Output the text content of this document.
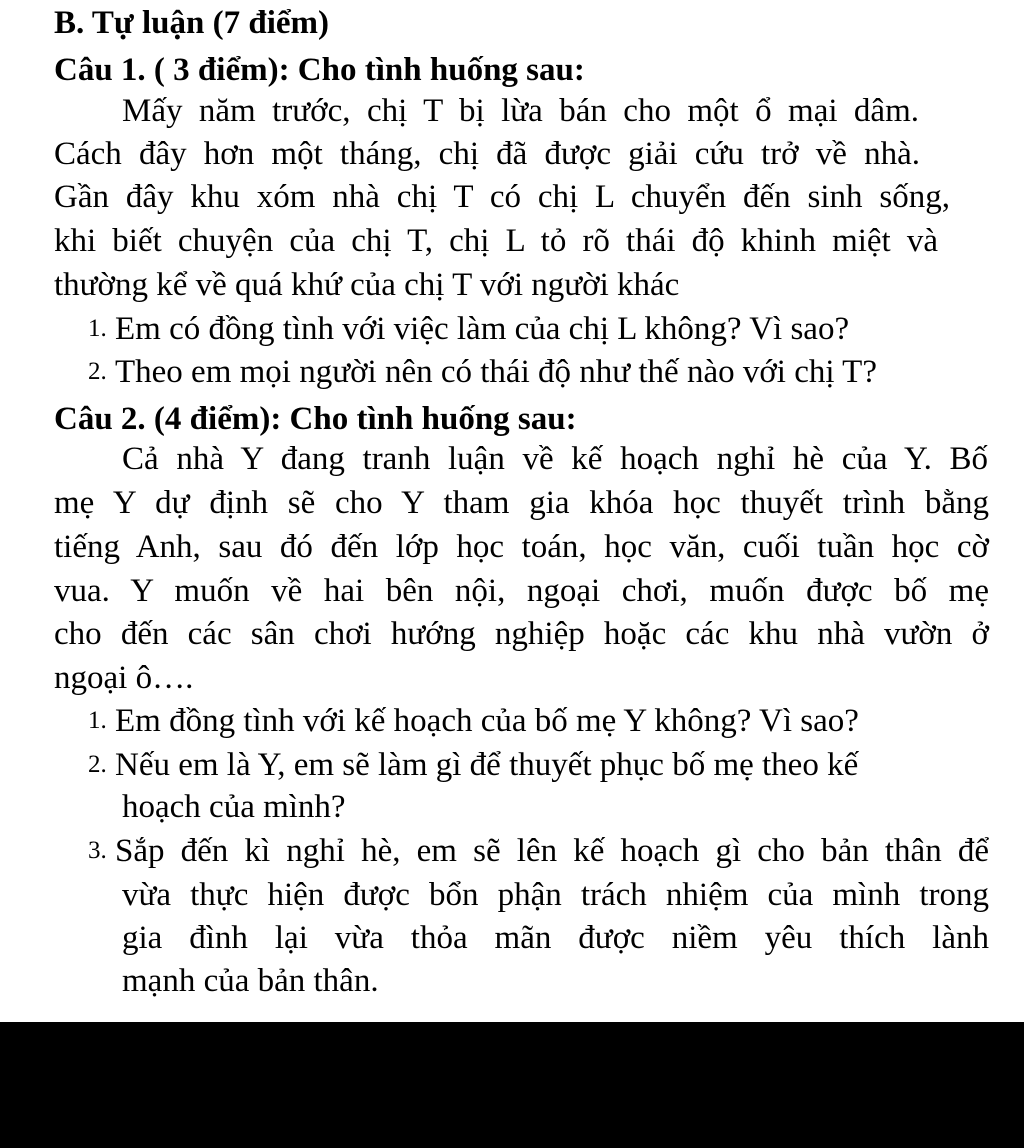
B. Tự luận (7 điểm)
Câu 1. ( 3 điểm): Cho tình huống sau:
Mấy năm trước, chị T bị lừa bán cho một ổ mại dâm.
Cách đây hơn một tháng, chị đã được giải cứu trở về nhà.
Gần đây khu xóm nhà chị T có chị L chuyển đến sinh sống,
khi biết chuyện của chị T, chị L tỏ rõ thái độ khinh miệt và
thường kể về quá khứ của chị T với người khác
1. Em có đồng tình với việc làm của chị L không? Vì sao?
2. Theo em mọi người nên có thái độ như thế nào với chị T?
Câu 2. (4 điểm): Cho tình huống sau:
Cả nhà Y đang tranh luận về kế hoạch nghỉ hè của Y. Bố
mẹ Y dự định sẽ cho Y tham gia khóa học thuyết trình bằng
tiếng Anh, sau đó đến lớp học toán, học văn, cuối tuần học cờ
vua. Y muốn về hai bên nội, ngoại chơi, muốn được bố mẹ
cho đến các sân chơi hướng nghiệp hoặc các khu nhà vườn ở
ngoại ô….
1. Em đồng tình với kế hoạch của bố mẹ Y không? Vì sao?
2. Nếu em là Y, em sẽ làm gì để thuyết phục bố mẹ theo kế
hoạch của mình?
3. Sắp đến kì nghỉ hè, em sẽ lên kế hoạch gì cho bản thân để
vừa thực hiện được bổn phận trách nhiệm của mình trong
gia đình lại vừa thỏa mãn được niềm yêu thích lành
mạnh của bản thân.
